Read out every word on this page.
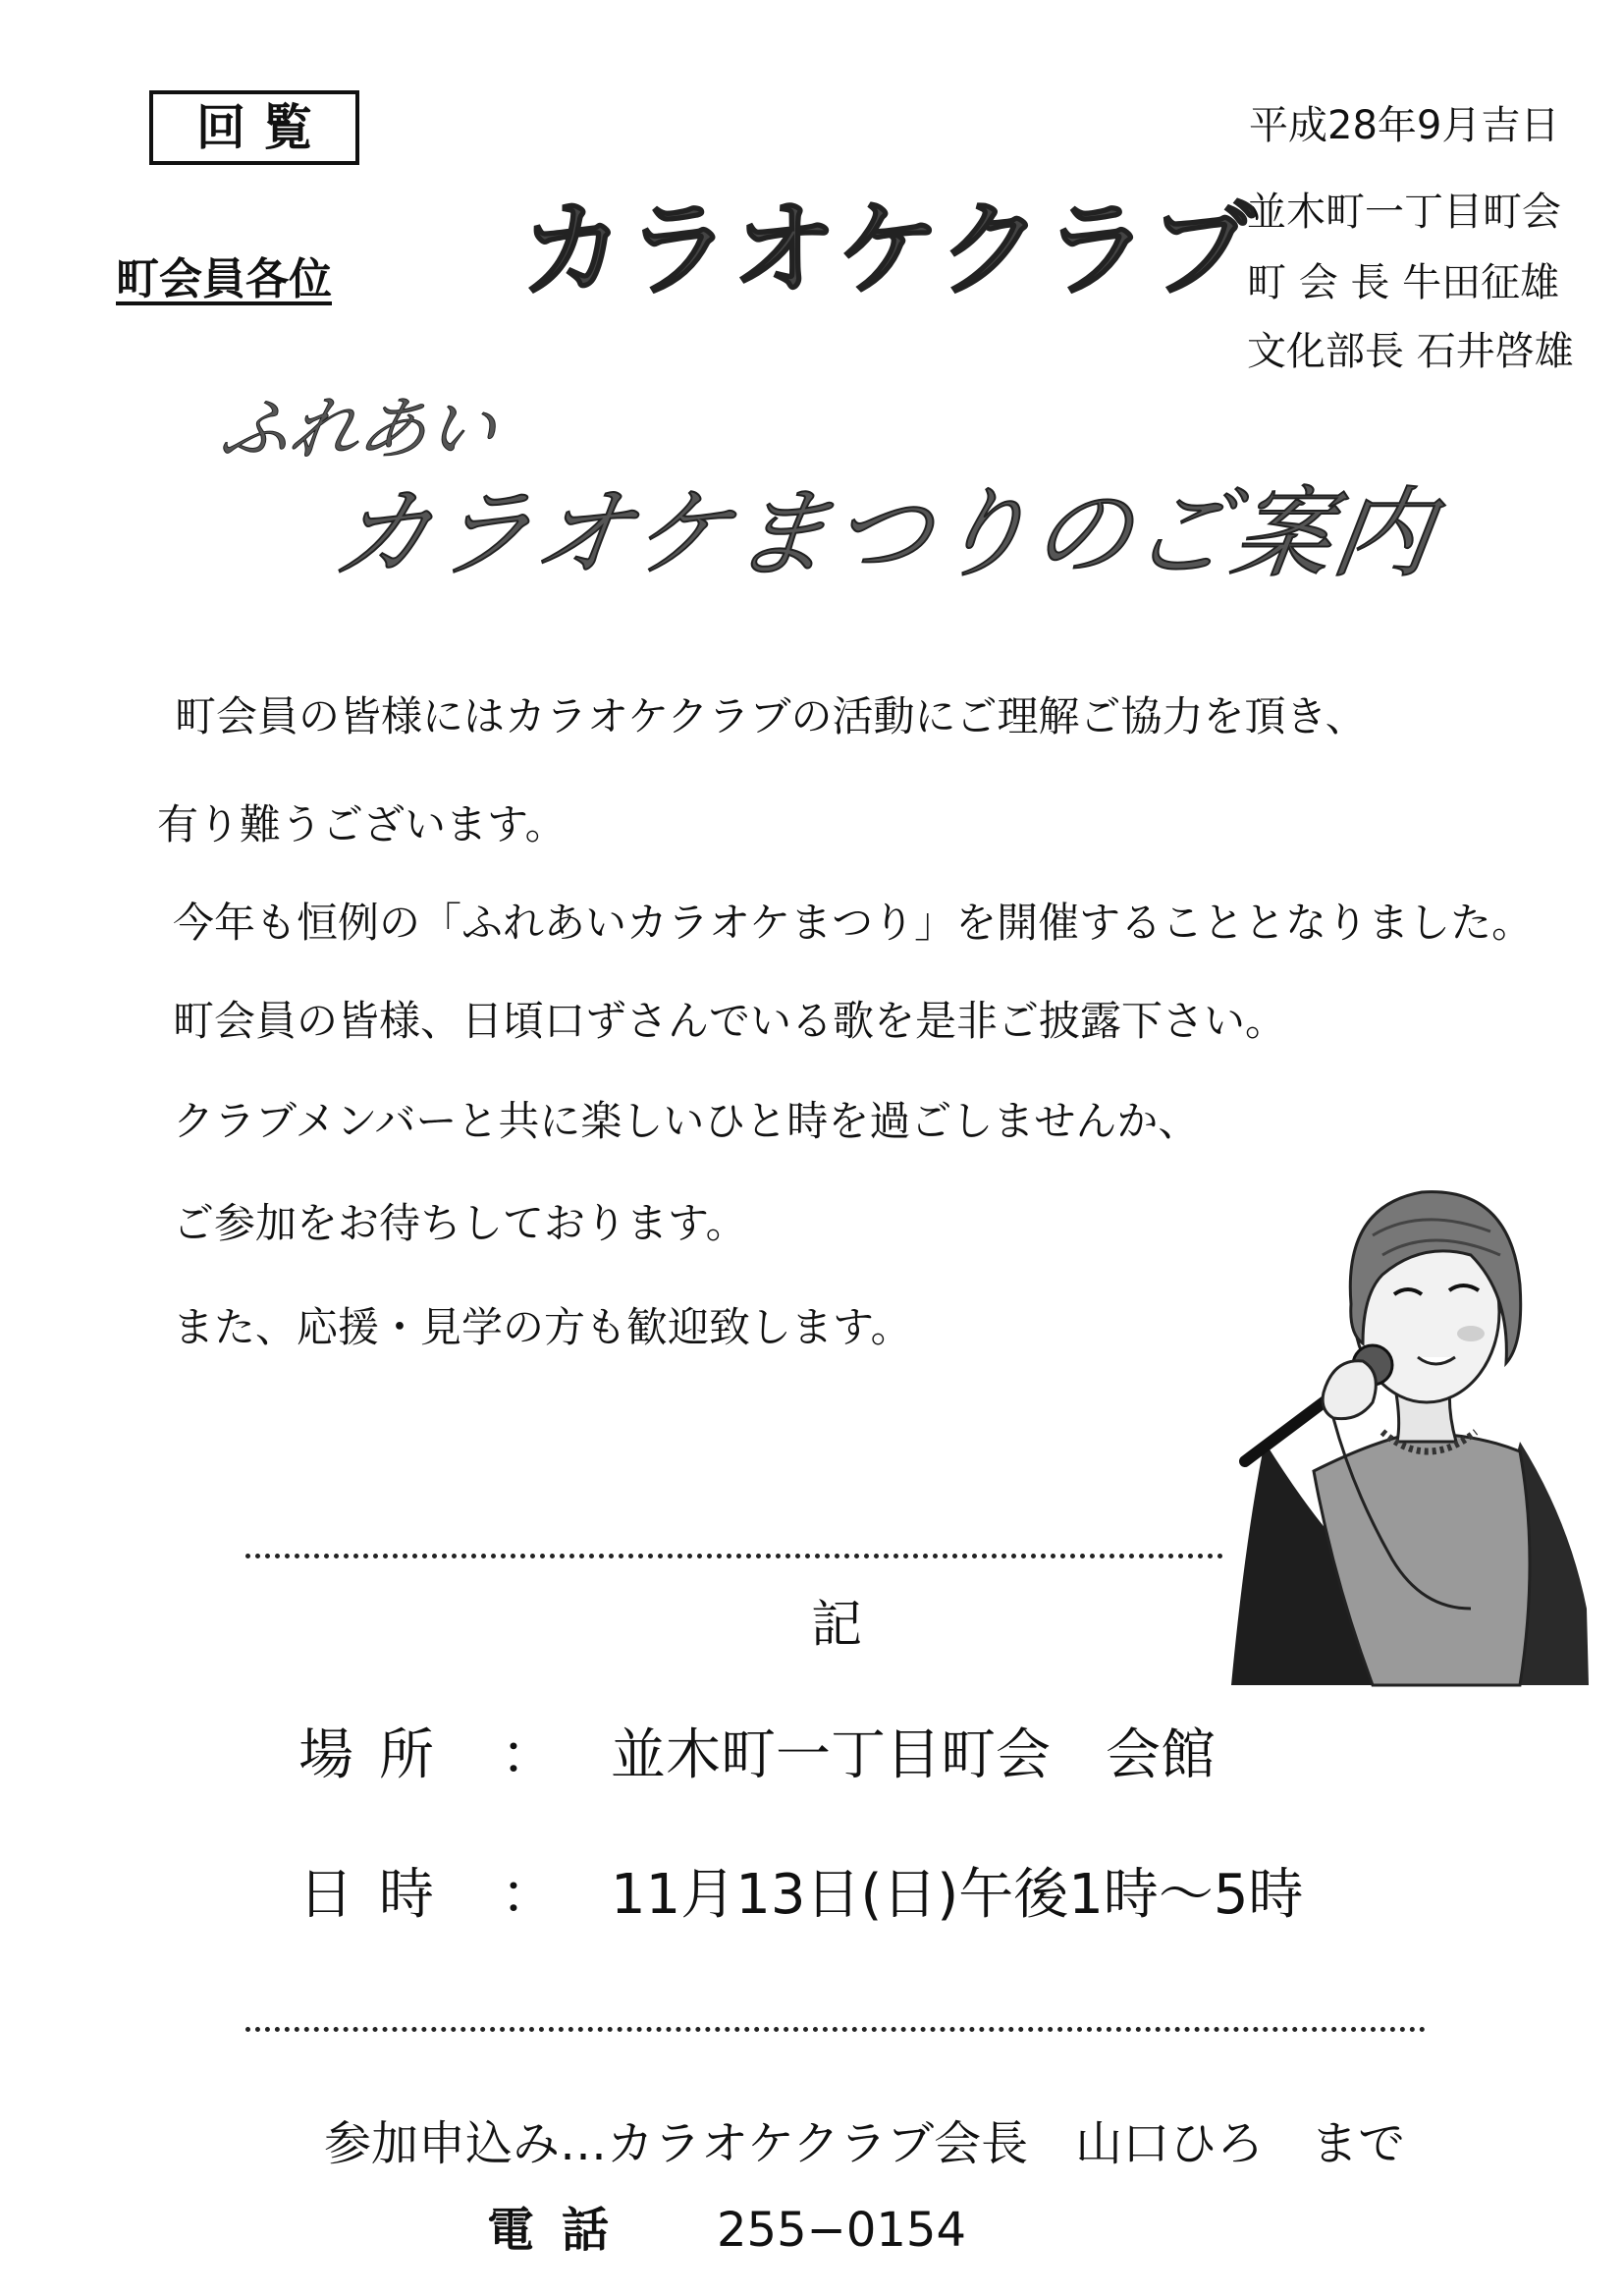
回覧
町会員各位 カラオケクラブ
平成28年9月吉日
並木町一丁目町会
町 会 長 牛田征雄
文化部長 石井啓雄
ふれあい
カラオケまつりのご案内
町会員の皆様にはカラオケクラブの活動にご理解ご協力を頂き、
有り難うございます。
今年も恒例の「ふれあいカラオケまつり」を開催することとなりました。
町会員の皆様、日頃口ずさんでいる歌を是非ご披露下さい。
クラブメンバーと共に楽しいひと時を過ごしませんか、
ご参加をお待ちしております。
また、応援・見学の方も歓迎致します。
記
場所 ： 並木町一丁目町会　会館
日時 ： 11月13日(日)午後1時～5時
参加申込み…カラオケクラブ会長　山口ひろ　まで
電話 255−0154
